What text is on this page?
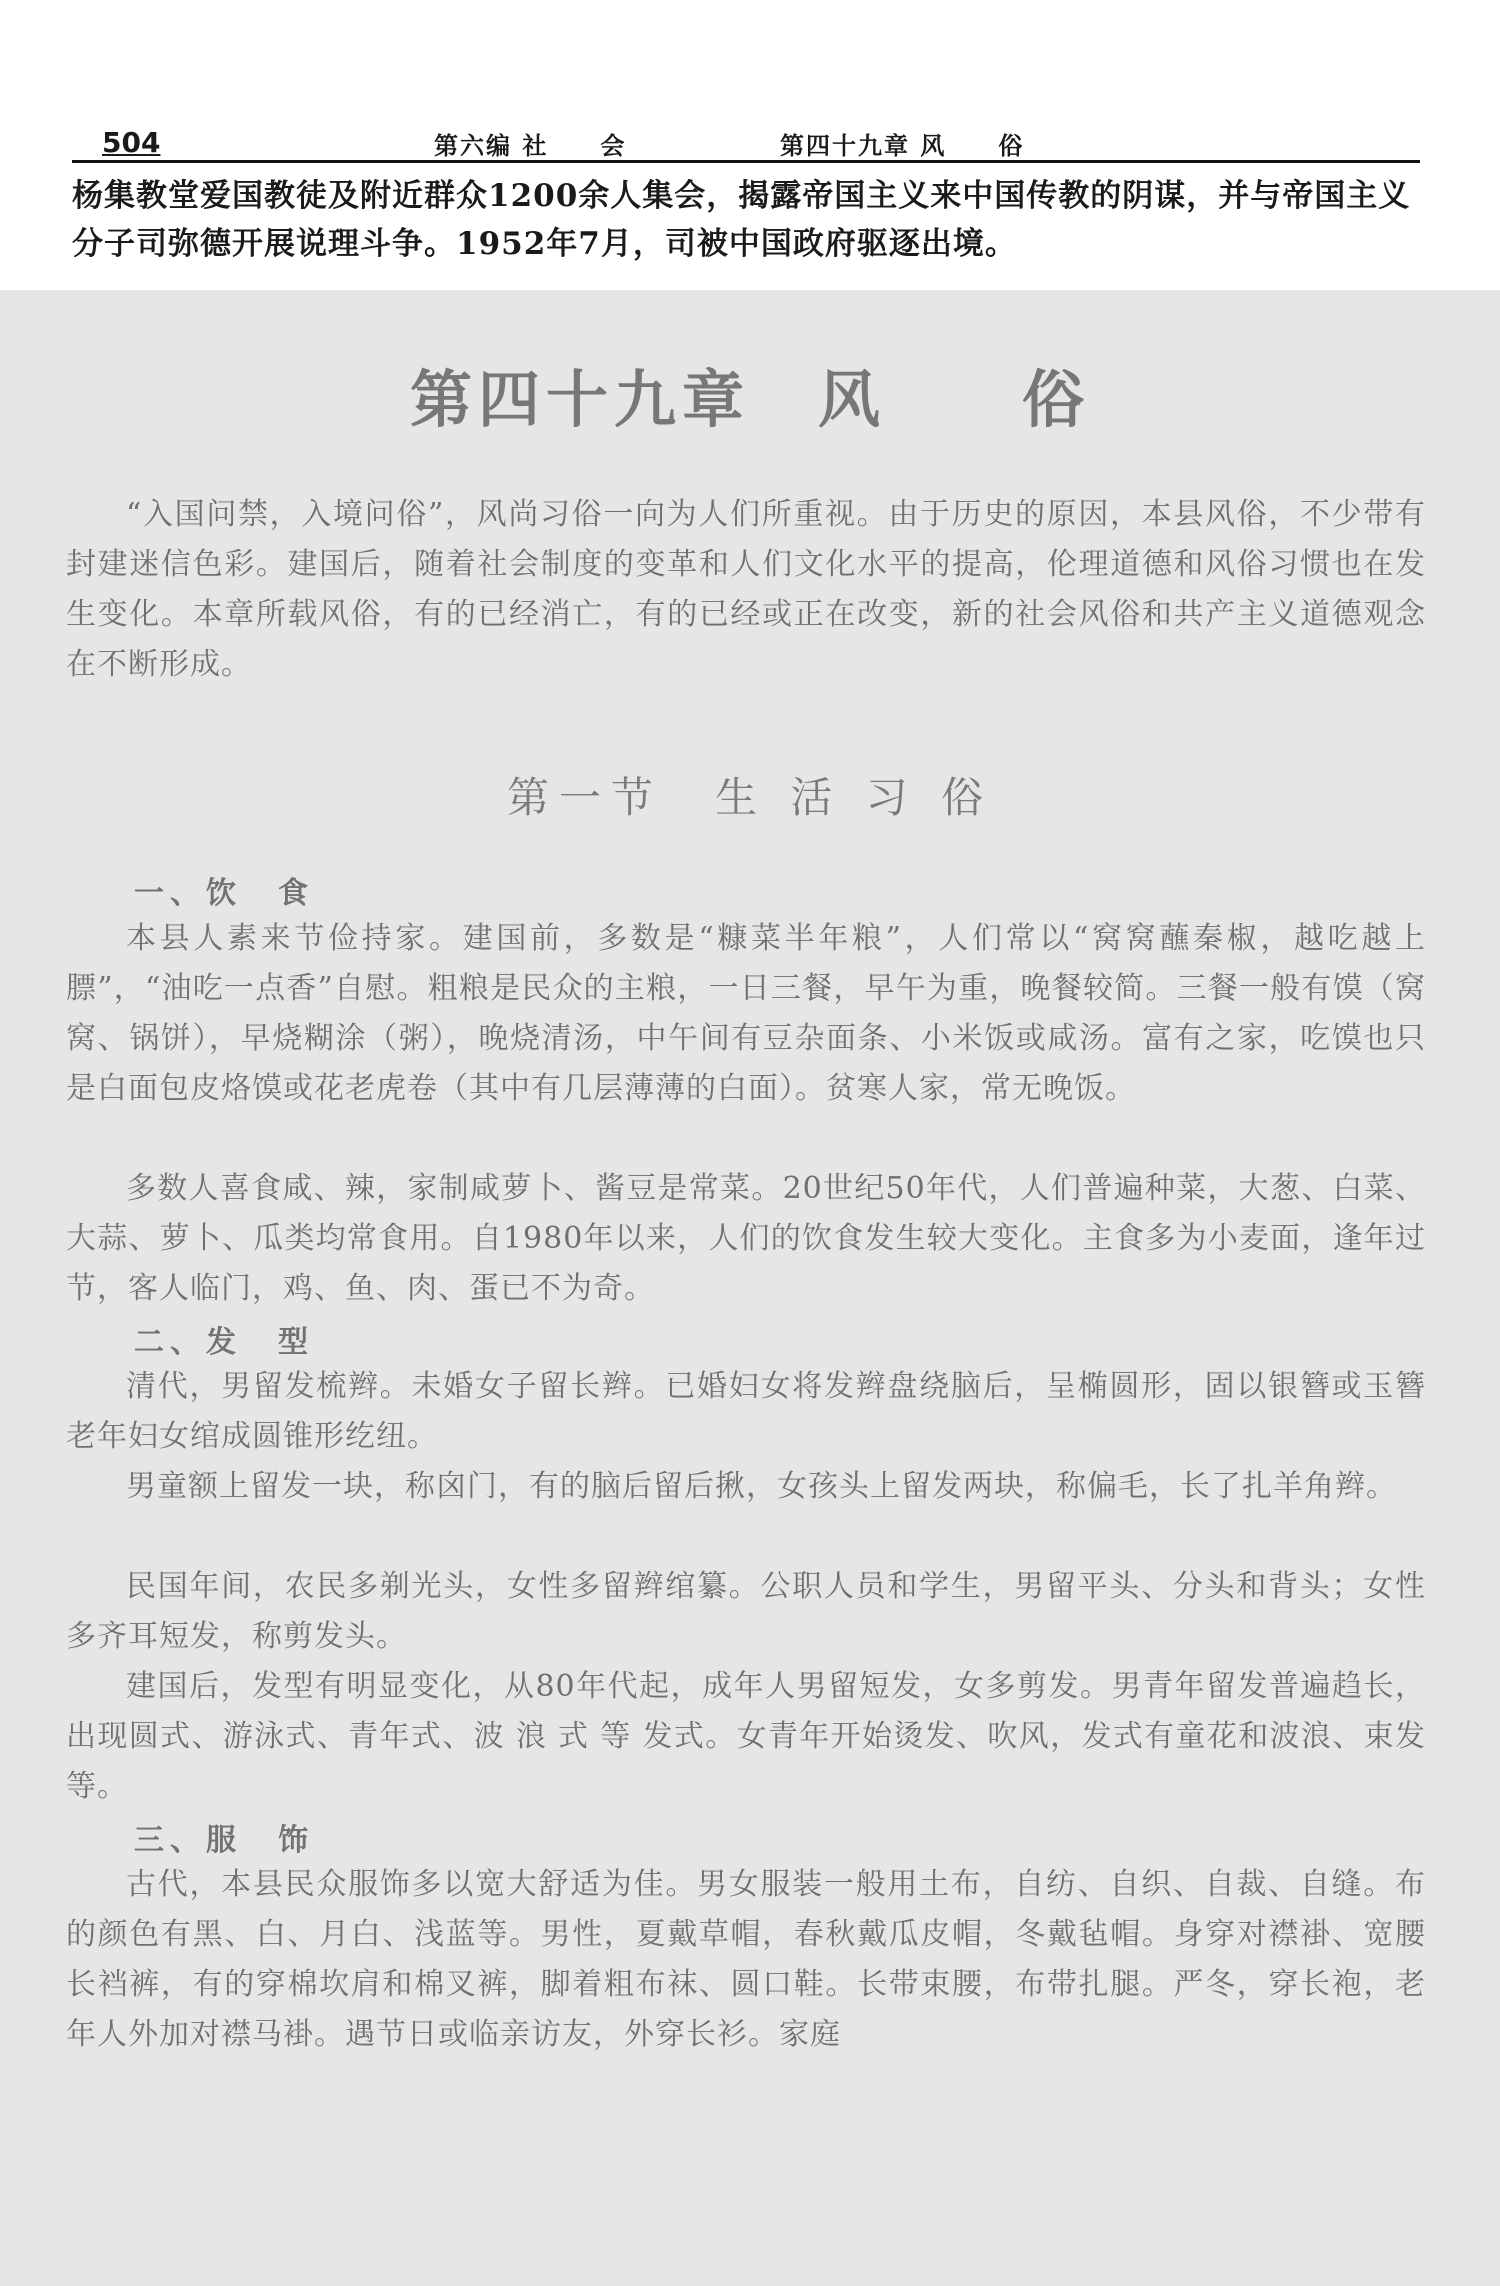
504	第六编 社　　会	第四十九章 风　　俗

杨集教堂爱国教徒及附近群众1200余人集会，揭露帝国主义来中国传教的阴谋，并与帝国主义分子司弥德开展说理斗争。1952年7月，司被中国政府驱逐出境。

第四十九章　风　　俗

“入国问禁，入境问俗”，风尚习俗一向为人们所重视。由于历史的原因，本县风俗，不少带有封建迷信色彩。建国后，随着社会制度的变革和人们文化水平的提高，伦理道德和风俗习惯也在发生变化。本章所载风俗，有的已经消亡，有的已经或正在改变，新的社会风俗和共产主义道德观念在不断形成。

第一节　生 活 习 俗
一、饮　食

本县人素来节俭持家。建国前，多数是“糠菜半年粮”，人们常以“窝窝蘸秦椒，越吃越上膘”，“油吃一点香”自慰。粗粮是民众的主粮，一日三餐，早午为重，晚餐较简。三餐一般有馍（窝窝、锅饼），早烧糊涂（粥），晚烧清汤，中午间有豆杂面条、小米饭或咸汤。富有之家，吃馍也只是白面包皮烙馍或花老虎卷（其中有几层薄薄的白面）。贫寒人家，常无晚饭。

多数人喜食咸、辣，家制咸萝卜、酱豆是常菜。20世纪50年代，人们普遍种菜，大葱、白菜、大蒜、萝卜、瓜类均常食用。自1980年以来，人们的饮食发生较大变化。主食多为小麦面，逢年过节，客人临门，鸡、鱼、肉、蛋已不为奇。

二、发　型

清代，男留发梳辫。未婚女子留长辫。已婚妇女将发辫盘绕脑后，呈椭圆形，固以银簪或玉簪　老年妇女绾成圆锥形纥纽。

男童额上留发一块，称囟门，有的脑后留后揪，女孩头上留发两块，称偏毛，长了扎羊角辫。

民国年间，农民多剃光头，女性多留辫绾纂。公职人员和学生，男留平头、分头和背头；女性多齐耳短发，称剪发头。

建国后，发型有明显变化，从80年代起，成年人男留短发，女多剪发。男青年留发普遍趋长，出现圆式、游泳式、青年式、波 浪 式 等 发式。女青年开始烫发、吹风，发式有童花和波浪、束发等。

三、服　饰

古代，本县民众服饰多以宽大舒适为佳。男女服装一般用土布，自纺、自织、自裁、自缝。布的颜色有黑、白、月白、浅蓝等。男性，夏戴草帽，春秋戴瓜皮帽，冬戴毡帽。身穿对襟褂、宽腰长裆裤，有的穿棉坎肩和棉叉裤，脚着粗布袜、圆口鞋。长带束腰，布带扎腿。严冬，穿长袍，老年人外加对襟马褂。遇节日或临亲访友，外穿长衫。家庭
